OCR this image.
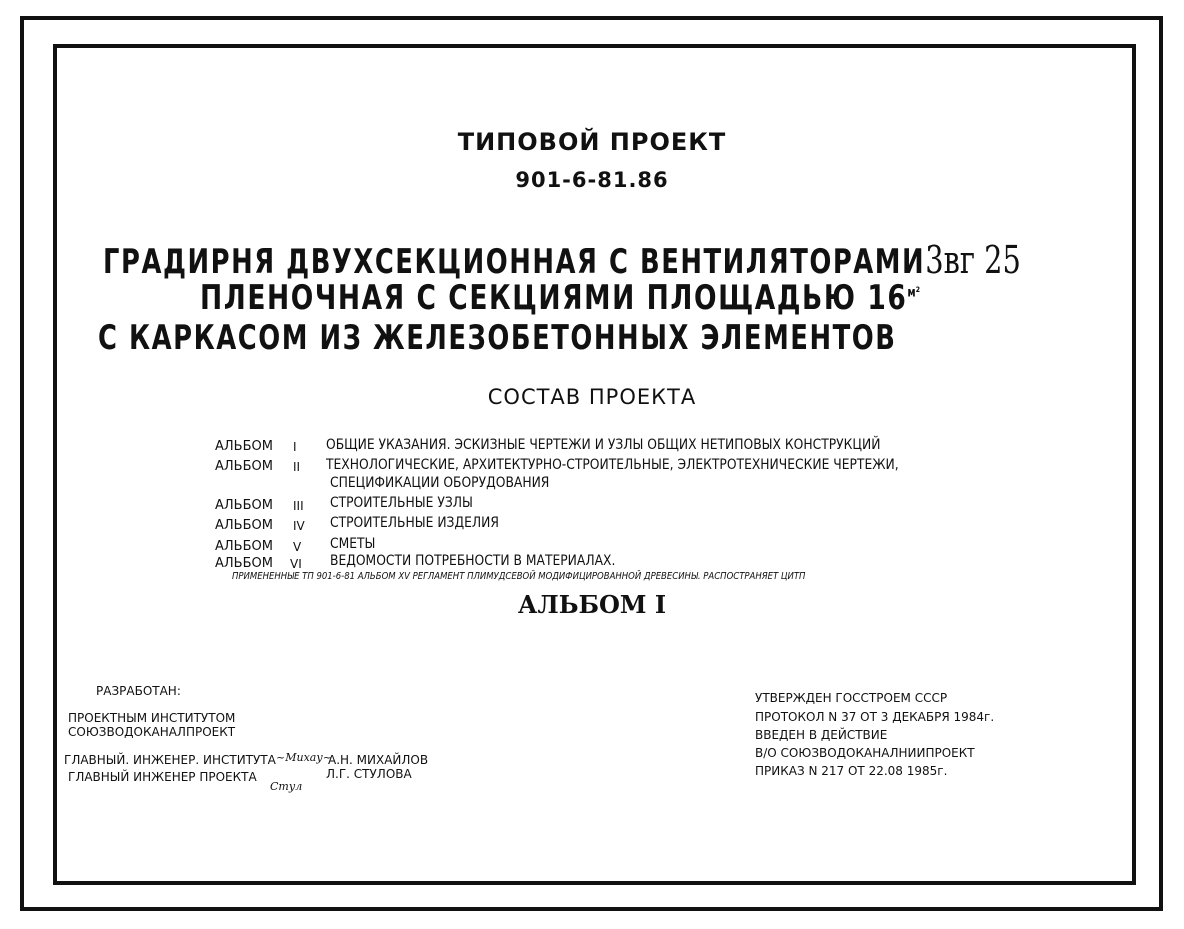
ТИПОВОЙ ПРОЕКТ
901-6-81.86
ГРАДИРНЯ ДВУХСЕКЦИОННАЯ С ВЕНТИЛЯТОРАМИ3вг 25
ПЛЕНОЧНАЯ С СЕКЦИЯМИ ПЛОЩАДЬЮ $16^{м^2}$
С КАРКАСОМ ИЗ ЖЕЛЕЗОБЕТОННЫХ ЭЛЕМЕНТОВ
СОСТАВ ПРОЕКТА
АЛЬБОМ I ОБЩИЕ УКАЗАНИЯ. ЭСКИЗНЫЕ ЧЕРТЕЖИ И УЗЛЫ ОБЩИХ НЕТИПОВЫХ КОНСТРУКЦИЙ
АЛЬБОМ II ТЕХНОЛОГИЧЕСКИЕ, АРХИТЕКТУРНО-СТРОИТЕЛЬНЫЕ, ЭЛЕКТРОТЕХНИЧЕСКИЕ ЧЕРТЕЖИ,
СПЕЦИФИКАЦИИ ОБОРУДОВАНИЯ
АЛЬБОМ III СТРОИТЕЛЬНЫЕ УЗЛЫ
АЛЬБОМ IV СТРОИТЕЛЬНЫЕ ИЗДЕЛИЯ
АЛЬБОМ V СМЕТЫ
АЛЬБОМ VI ВЕДОМОСТИ ПОТРЕБНОСТИ В МАТЕРИАЛАХ.
ПРИМЕНЕННЫЕ ТП 901-6-81 АЛЬБОМ XV РЕГЛАМЕНТ ПЛИМУДСЕВОЙ МОДИФИЦИРОВАННОЙ ДРЕВЕСИНЫ. РАСПОСТРАНЯЕТ ЦИТП
АЛЬБОМ I
РАЗРАБОТАН:
ПРОЕКТНЫМ ИНСТИТУТОМ
СОЮЗВОДОКАНАЛПРОЕКТ
ГЛАВНЫЙ. ИНЖЕНЕР. ИНСТИТУТА ~Михау~
А.Н. МИХАЙЛОВ
ГЛАВНЫЙ ИНЖЕНЕР ПРОЕКТА
Стул
Л.Г. СТУЛОВА
УТВЕРЖДЕН ГОССТРОЕМ СССР
ПРОТОКОЛ N 37 ОТ 3 ДЕКАБРЯ 1984г.
ВВЕДЕН В ДЕЙСТВИЕ
В/О СОЮЗВОДОКАНАЛНИИПРОЕКТ
ПРИКАЗ N 217 ОТ 22.08 1985г.
